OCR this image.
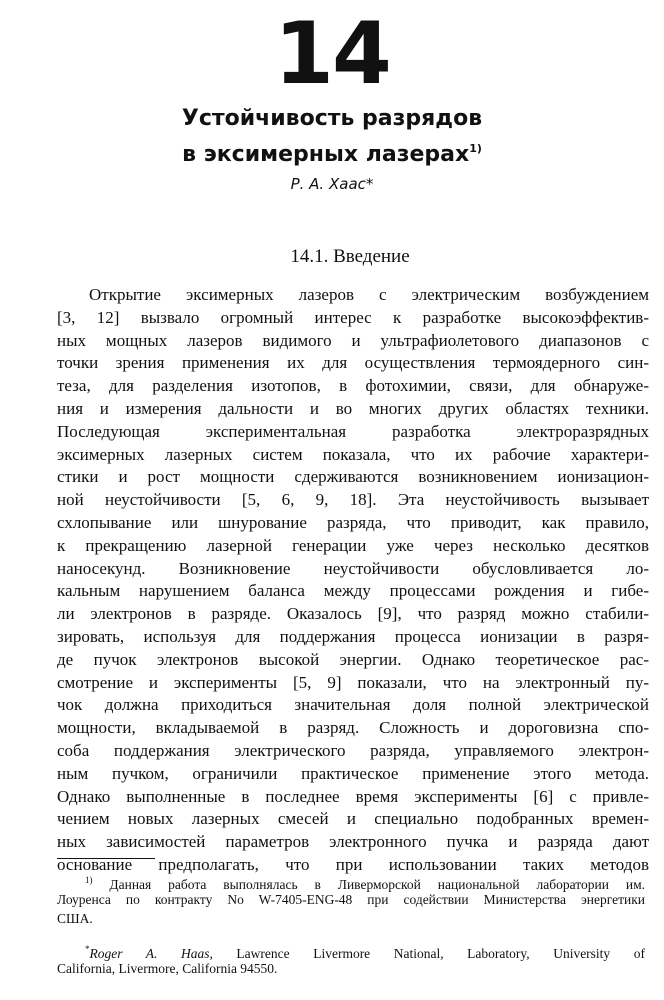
14
Устойчивость разрядов
в эксимерных лазерах$^{1)}$
Р. А. Хаас*
14.1. Введение
Открытие эксимерных лазеров с электрическим возбуждением
[3, 12] вызвало огромный интерес к разработке высокоэффектив-
ных мощных лазеров видимого и ультрафиолетового диапазонов с
точки зрения применения их для осуществления термоядерного син-
теза, для разделения изотопов, в фотохимии, связи, для обнаруже-
ния и измерения дальности и во многих других областях техники.
Последующая экспериментальная разработка электроразрядных
эксимерных лазерных систем показала, что их рабочие характери-
стики и рост мощности сдерживаются возникновением ионизацион-
ной неустойчивости [5, 6, 9, 18]. Эта неустойчивость вызывает
схлопывание или шнурование разряда, что приводит, как правило,
к прекращению лазерной генерации уже через несколько десятков
наносекунд. Возникновение неустойчивости обусловливается ло-
кальным нарушением баланса между процессами рождения и гибе-
ли электронов в разряде. Оказалось [9], что разряд можно стабили-
зировать, используя для поддержания процесса ионизации в разря-
де пучок электронов высокой энергии. Однако теоретическое рас-
смотрение и эксперименты [5, 9] показали, что на электронный пу-
чок должна приходиться значительная доля полной электрической
мощности, вкладываемой в разряд. Сложность и дороговизна спо-
соба поддержания электрического разряда, управляемого электрон-
ным пучком, ограничили практическое применение этого метода.
Однако выполненные в последнее время эксперименты [6] с привле-
чением новых лазерных смесей и специально подобранных времен-
ных зависимостей параметров электронного пучка и разряда дают
основание предполагать, что при использовании таких методов
$^{1)}$ Данная работа выполнялась в Ливерморской национальной лаборатории им.
Лоуренса по контракту No W-7405-ENG-48 при содействии Министерства энергетики
США.
*Roger A. Haas, Lawrence Livermore National, Laboratory, University of
California, Livermore, California 94550.
